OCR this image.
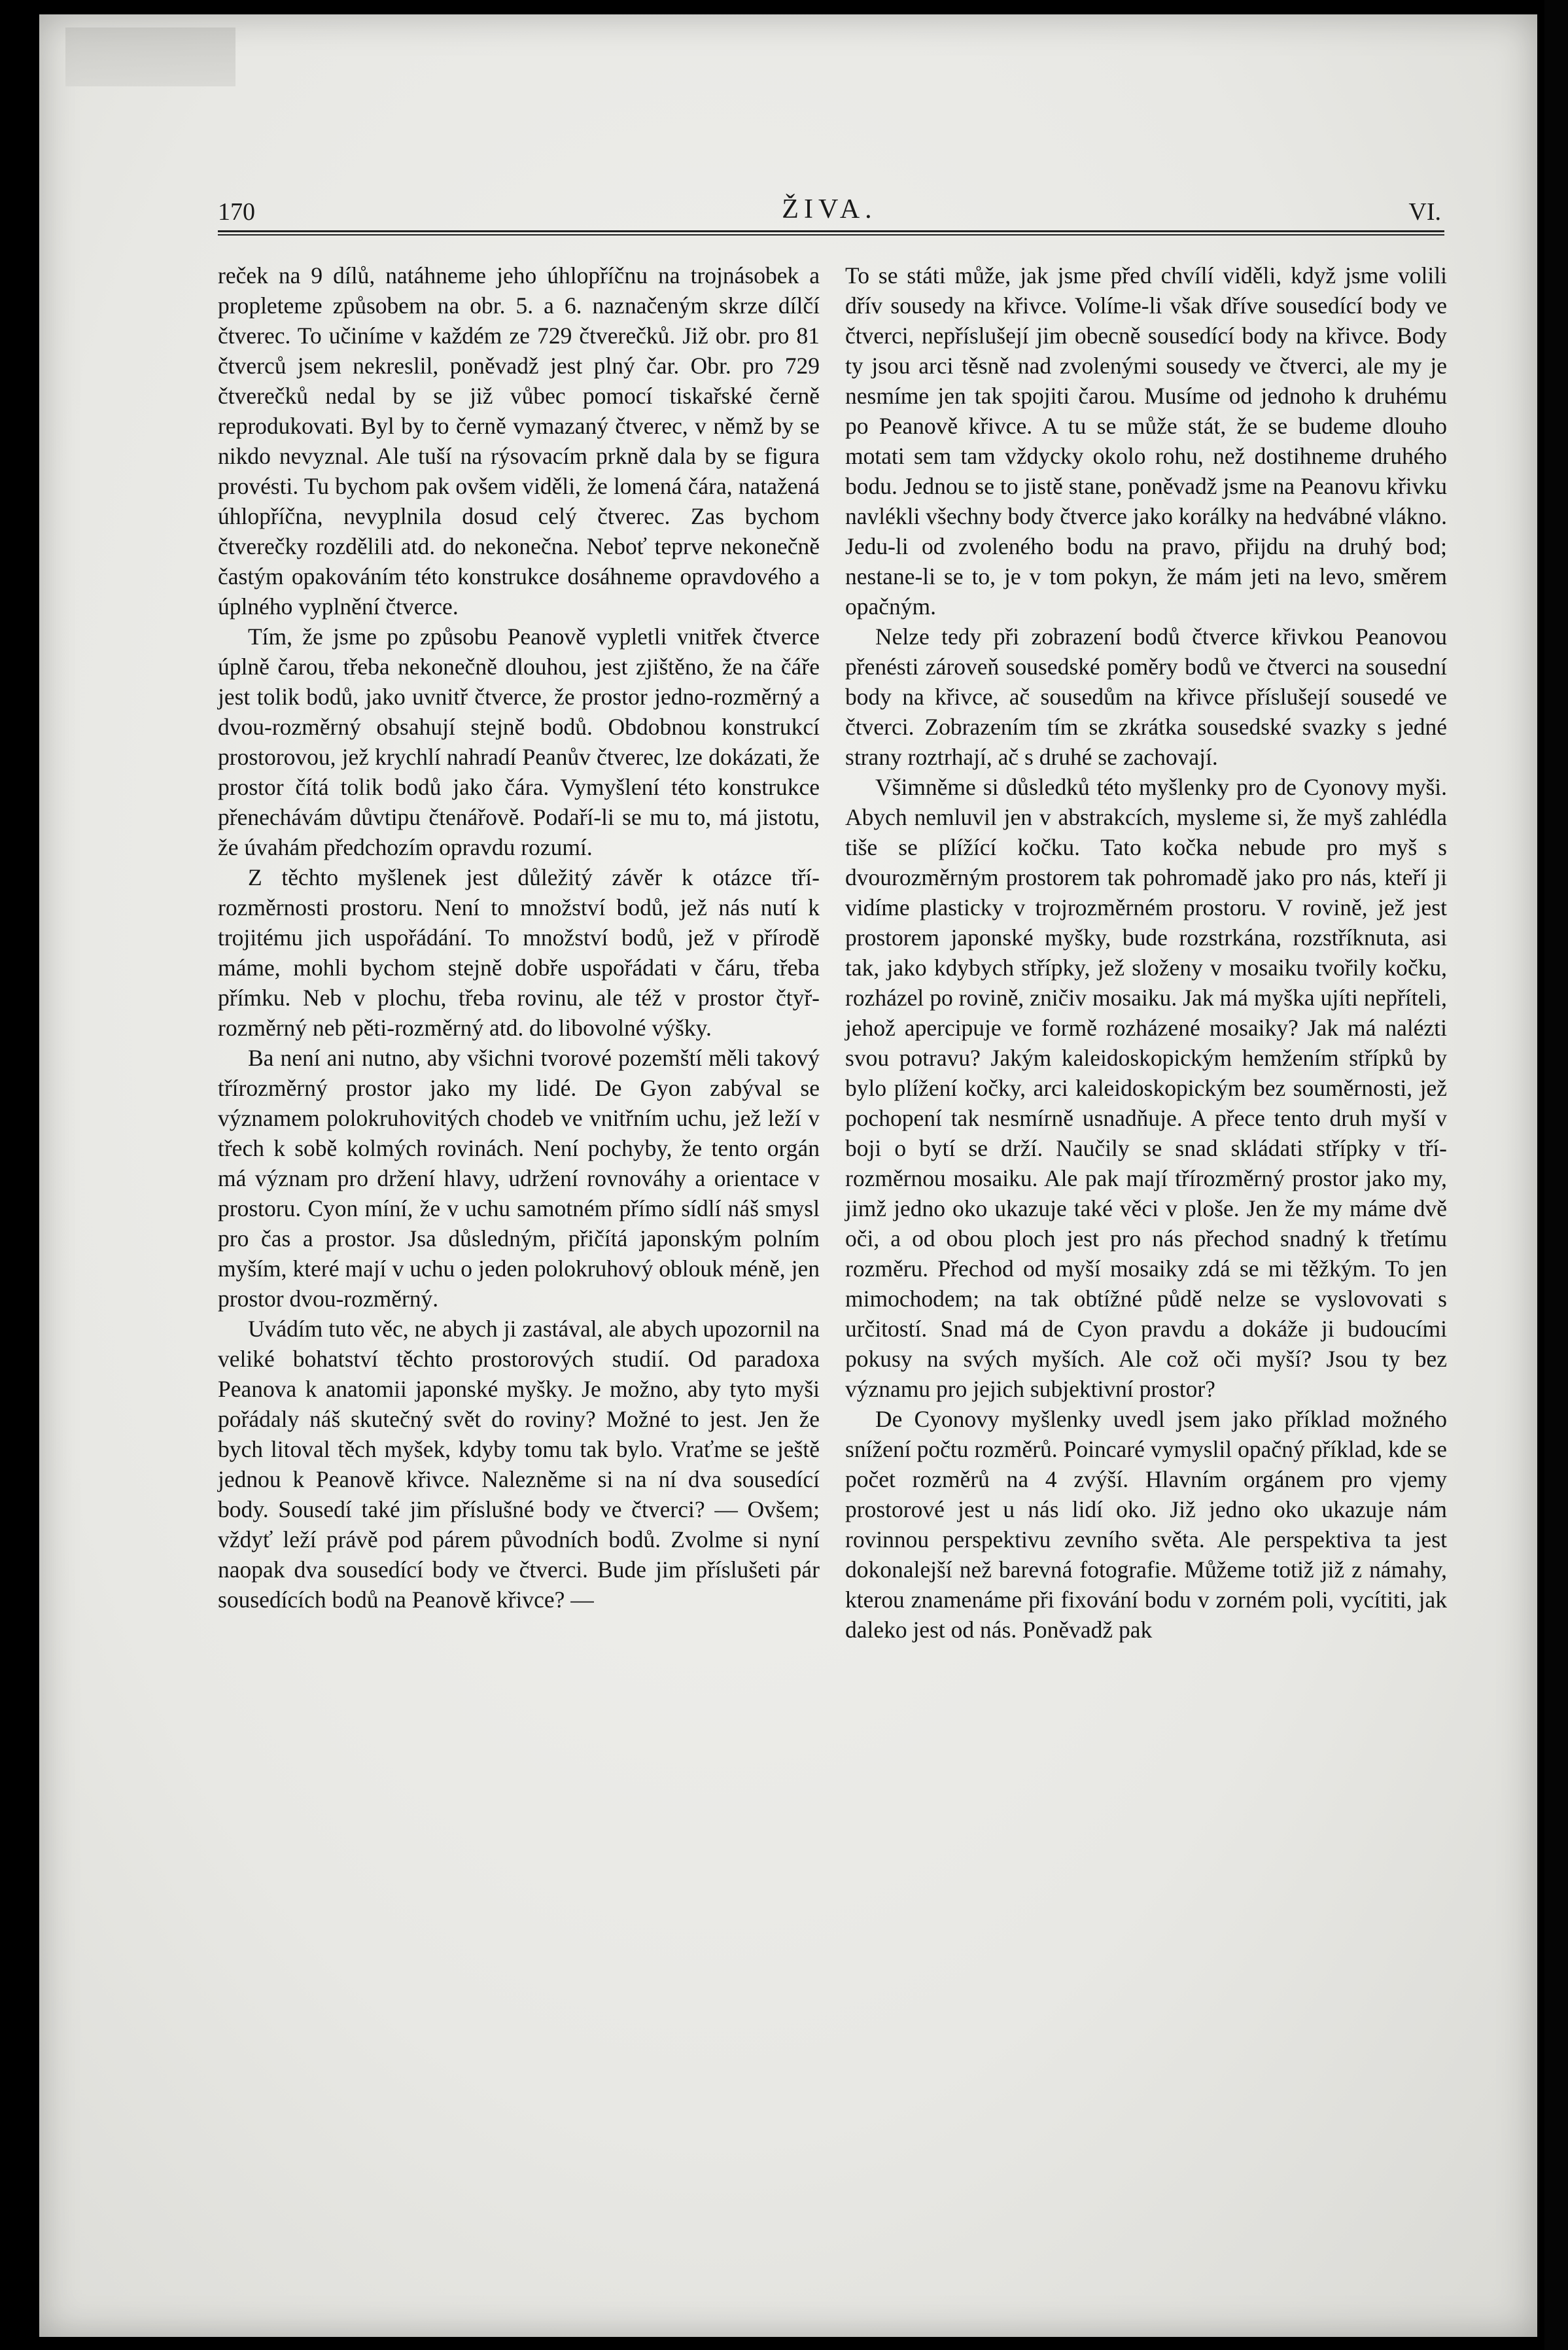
170	ŽIVA.	VI.

reček na 9 dílů, natáhneme jeho úhlopříčnu na trojnásobek a propleteme způsobem na obr. 5. a 6. naznačeným skrze dílčí čtverec. To učiníme v každém ze 729 čtverečků. Již obr. pro 81 čtverců jsem nekreslil, poněvadž jest plný čar. Obr. pro 729 čtverečků nedal by se již vůbec pomocí tiskařské černě reprodukovati. Byl by to černě vymazaný čtverec, v němž by se nikdo nevyznal. Ale tuší na rýsovacím prkně dala by se figura provésti. Tu bychom pak ovšem viděli, že lomená čára, natažená úhlopříčna, nevyplnila dosud celý čtverec. Zas bychom čtverečky rozdělili atd. do nekonečna. Neboť teprve nekonečně častým opakováním této konstrukce dosáhneme opravdového a úplného vyplnění čtverce.

Tím, že jsme po způsobu Peanově vypletli vnitřek čtverce úplně čarou, třeba nekonečně dlouhou, jest zjištěno, že na čáře jest tolik bodů, jako uvnitř čtverce, že prostor jedno-rozměrný a dvou-rozměrný obsahují stejně bodů. Obdobnou konstrukcí prostorovou, jež krychlí nahradí Peanův čtverec, lze dokázati, že prostor čítá tolik bodů jako čára. Vymyšlení této konstrukce přenechávám důvtipu čtenářově. Podaří-li se mu to, má jistotu, že úvahám předchozím opravdu rozumí.

Z těchto myšlenek jest důležitý závěr k otázce tří-rozměrnosti prostoru. Není to množství bodů, jež nás nutí k trojitému jich uspořádání. To množství bodů, jež v přírodě máme, mohli bychom stejně dobře uspořádati v čáru, třeba přímku. Neb v plochu, třeba rovinu, ale též v prostor čtyř-rozměrný neb pěti-rozměrný atd. do libovolné výšky.

Ba není ani nutno, aby všichni tvorové pozemští měli takový třírozměrný prostor jako my lidé. De Gyon zabýval se významem polokruhovitých chodeb ve vnitřním uchu, jež leží v třech k sobě kolmých rovinách. Není pochyby, že tento orgán má význam pro držení hlavy, udržení rovnováhy a orientace v prostoru. Cyon míní, že v uchu samotném přímo sídlí náš smysl pro čas a prostor. Jsa důsledným, přičítá japonským polním myším, které mají v uchu o jeden polokruhový oblouk méně, jen prostor dvou-rozměrný.

Uvádím tuto věc, ne abych ji zastával, ale abych upozornil na veliké bohatství těchto prostorových studií. Od paradoxa Peanova k anatomii japonské myšky. Je možno, aby tyto myši pořádaly náš skutečný svět do roviny? Možné to jest. Jen že bych litoval těch myšek, kdyby tomu tak bylo. Vraťme se ještě jednou k Peanově křivce. Nalezněme si na ní dva sousedící body. Sousedí také jim příslušné body ve čtverci? — Ovšem; vždyť leží právě pod párem původních bodů. Zvolme si nyní naopak dva sousedící body ve čtverci. Bude jim příslušeti pár sousedících bodů na Peanově křivce? —

To se státi může, jak jsme před chvílí viděli, když jsme volili dřív sousedy na křivce. Volíme-li však dříve sousedící body ve čtverci, nepříslušejí jim obecně sousedící body na křivce. Body ty jsou arci těsně nad zvolenými sousedy ve čtverci, ale my je nesmíme jen tak spojiti čarou. Musíme od jednoho k druhému po Peanově křivce. A tu se může stát, že se budeme dlouho motati sem tam vždycky okolo rohu, než dostihneme druhého bodu. Jednou se to jistě stane, poněvadž jsme na Peanovu křivku navlékli všechny body čtverce jako korálky na hedvábné vlákno. Jedu-li od zvoleného bodu na pravo, přijdu na druhý bod; nestane-li se to, je v tom pokyn, že mám jeti na levo, směrem opačným.

Nelze tedy při zobrazení bodů čtverce křivkou Peanovou přenésti zároveň sousedské poměry bodů ve čtverci na sousední body na křivce, ač sousedům na křivce příslušejí sousedé ve čtverci. Zobrazením tím se zkrátka sousedské svazky s jedné strany roztrhají, ač s druhé se zachovají.

Všimněme si důsledků této myšlenky pro de Cyonovy myši. Abych nemluvil jen v abstrakcích, mysleme si, že myš zahlédla tiše se plížící kočku. Tato kočka nebude pro myš s dvourozměrným prostorem tak pohromadě jako pro nás, kteří ji vidíme plasticky v trojrozměrném prostoru. V rovině, jež jest prostorem japonské myšky, bude rozstrkána, rozstříknuta, asi tak, jako kdybych střípky, jež složeny v mosaiku tvořily kočku, rozházel po rovině, zničiv mosaiku. Jak má myška ujíti nepříteli, jehož apercipuje ve formě rozházené mosaiky? Jak má nalézti svou potravu? Jakým kaleidoskopickým hemžením střípků by bylo plížení kočky, arci kaleidoskopickým bez souměrnosti, jež pochopení tak nesmírně usnadňuje. A přece tento druh myší v boji o bytí se drží. Naučily se snad skládati střípky v tří-rozměrnou mosaiku. Ale pak mají třírozměrný prostor jako my, jimž jedno oko ukazuje také věci v ploše. Jen že my máme dvě oči, a od obou ploch jest pro nás přechod snadný k třetímu rozměru. Přechod od myší mosaiky zdá se mi těžkým. To jen mimochodem; na tak obtížné půdě nelze se vyslovovati s určitostí. Snad má de Cyon pravdu a dokáže ji budoucími pokusy na svých myších. Ale což oči myší? Jsou ty bez významu pro jejich subjektivní prostor?

De Cyonovy myšlenky uvedl jsem jako příklad možného snížení počtu rozměrů. Poincaré vymyslil opačný příklad, kde se počet rozměrů na 4 zvýší. Hlavním orgánem pro vjemy prostorové jest u nás lidí oko. Již jedno oko ukazuje nám rovinnou perspektivu zevního světa. Ale perspektiva ta jest dokonalejší než barevná fotografie. Můžeme totiž již z námahy, kterou znamenáme při fixování bodu v zorném poli, vycítiti, jak daleko jest od nás. Poněvadž pak
